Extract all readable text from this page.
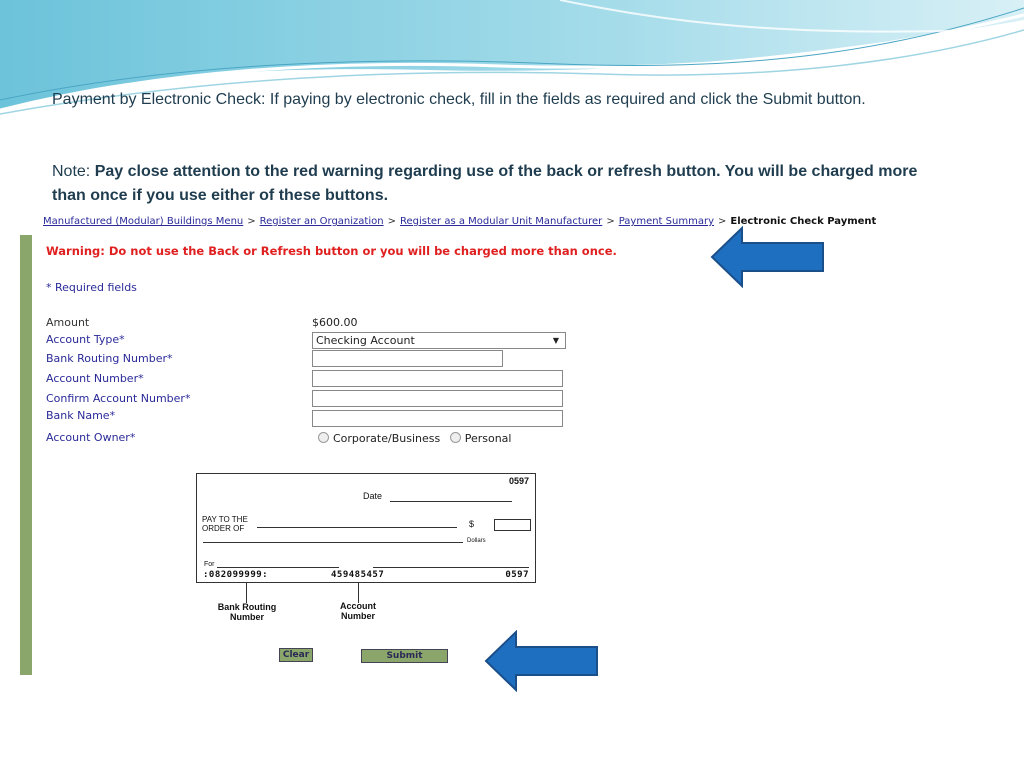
Payment by Electronic Check: If paying by electronic check, fill in the fields as required and click the Submit button.
Note: Pay close attention to the red warning regarding use of the back or refresh button. You will be charged more than once if you use either of these buttons.
Manufactured (Modular) Buildings Menu > Register an Organization > Register as a Modular Unit Manufacturer > Payment Summary > Electronic Check Payment
Warning: Do not use the Back or Refresh button or you will be charged more than once.
* Required fields
Amount	$600.00
Account Type*	Checking Account	▼
Bank Routing Number*
Account Number*
Confirm Account Number*
Bank Name*
Account Owner*	Corporate/Business Personal
0597
Date
PAY TO THE
ORDER OF	$
Dollars
For
:082099999:	459485457	0597
Bank Routing
Number
Account
Number
Clear	Submit
